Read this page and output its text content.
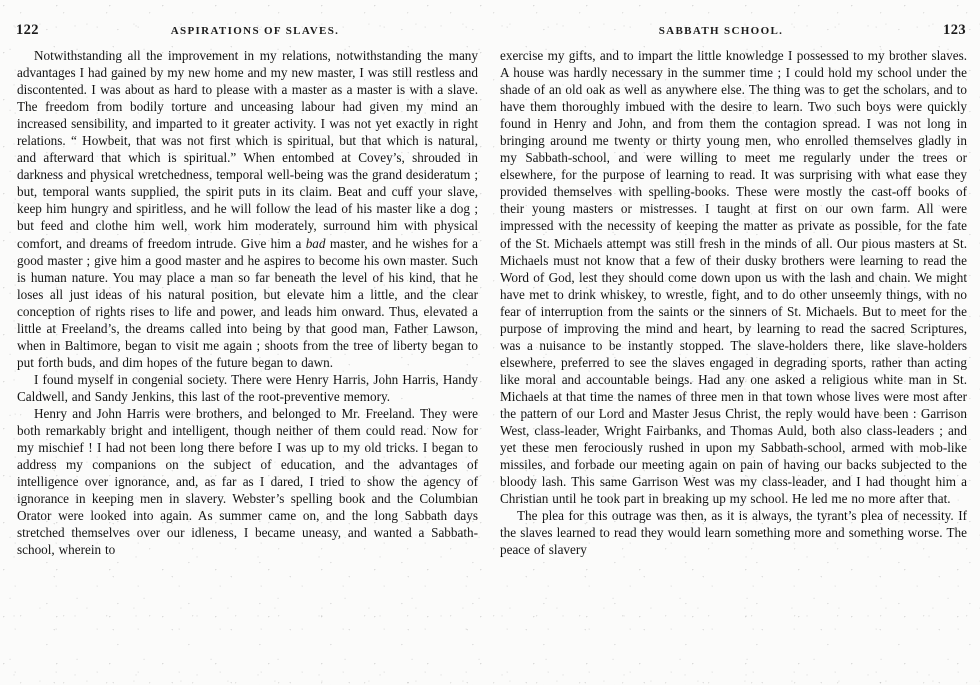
122	ASPIRATIONS OF SLAVES.	SABBATH SCHOOL.	123

Notwithstanding all the improvement in my relations, notwithstanding the many advantages I had gained by my new home and my new master, I was still restless and discontented. I was about as hard to please with a master as a master is with a slave. The freedom from bodily torture and unceasing labour had given my mind an increased sensibility, and imparted to it greater activity. I was not yet exactly in right relations. “ Howbeit, that was not first which is spiritual, but that which is natural, and afterward that which is spiritual.” When entombed at Covey’s, shrouded in darkness and physical wretchedness, temporal well-being was the grand desideratum ; but, temporal wants supplied, the spirit puts in its claim. Beat and cuff your slave, keep him hungry and spiritless, and he will follow the lead of his master like a dog ; but feed and clothe him well, work him moderately, surround him with physical comfort, and dreams of freedom intrude. Give him a bad master, and he wishes for a good master ; give him a good master and he aspires to become his own master. Such is human nature. You may place a man so far beneath the level of his kind, that he loses all just ideas of his natural position, but elevate him a little, and the clear conception of rights rises to life and power, and leads him onward. Thus, elevated a little at Freeland’s, the dreams called into being by that good man, Father Lawson, when in Baltimore, began to visit me again ; shoots from the tree of liberty began to put forth buds, and dim hopes of the future began to dawn.

I found myself in congenial society. There were Henry Harris, John Harris, Handy Caldwell, and Sandy Jenkins, this last of the root-preventive memory.

Henry and John Harris were brothers, and belonged to Mr. Freeland. They were both remarkably bright and intelligent, though neither of them could read. Now for my mischief ! I had not been long there before I was up to my old tricks. I began to address my companions on the subject of education, and the advantages of intelligence over ignorance, and, as far as I dared, I tried to show the agency of ignorance in keeping men in slavery. Webster’s spelling book and the Columbian Orator were looked into again. As summer came on, and the long Sabbath days stretched themselves over our idleness, I became uneasy, and wanted a Sabbath-school, wherein to

exercise my gifts, and to impart the little knowledge I possessed to my brother slaves. A house was hardly necessary in the summer time ; I could hold my school under the shade of an old oak as well as anywhere else. The thing was to get the scholars, and to have them thoroughly imbued with the desire to learn. Two such boys were quickly found in Henry and John, and from them the contagion spread. I was not long in bringing around me twenty or thirty young men, who enrolled themselves gladly in my Sabbath-school, and were willing to meet me regularly under the trees or elsewhere, for the purpose of learning to read. It was surprising with what ease they provided themselves with spelling-books. These were mostly the cast-off books of their young masters or mistresses. I taught at first on our own farm. All were impressed with the necessity of keeping the matter as private as possible, for the fate of the St. Michaels attempt was still fresh in the minds of all. Our pious masters at St. Michaels must not know that a few of their dusky brothers were learning to read the Word of God, lest they should come down upon us with the lash and chain. We might have met to drink whiskey, to wrestle, fight, and to do other unseemly things, with no fear of interruption from the saints or the sinners of St. Michaels. But to meet for the purpose of improving the mind and heart, by learning to read the sacred Scriptures, was a nuisance to be instantly stopped. The slave-holders there, like slave-holders elsewhere, preferred to see the slaves engaged in degrading sports, rather than acting like moral and accountable beings. Had any one asked a religious white man in St. Michaels at that time the names of three men in that town whose lives were most after the pattern of our Lord and Master Jesus Christ, the reply would have been : Garrison West, class-leader, Wright Fairbanks, and Thomas Auld, both also class-leaders ; and yet these men ferociously rushed in upon my Sabbath-school, armed with mob-like missiles, and forbade our meeting again on pain of having our backs subjected to the bloody lash. This same Garrison West was my class-leader, and I had thought him a Christian until he took part in breaking up my school. He led me no more after that.

The plea for this outrage was then, as it is always, the tyrant’s plea of necessity. If the slaves learned to read they would learn something more and something worse. The peace of slavery
